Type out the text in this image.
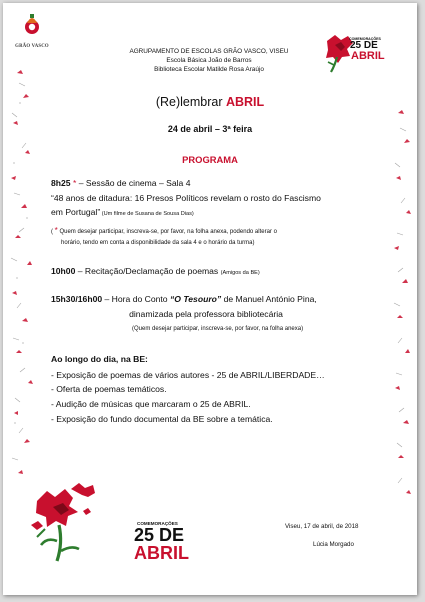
GRÃO VASCO
AGRUPAMENTO DE ESCOLAS GRÃO VASCO, VISEU
Escola Básica João de Barros
Biblioteca Escolar Matilde Rosa Araújo
COMEMORAÇÕES
25 DE
ABRIL
(Re)lembrar ABRIL
24 de abril – 3ª feira
PROGRAMA
8h25 * – Sessão de cinema – Sala 4
“48 anos de ditadura: 16 Presos Políticos revelam o rosto do Fascismo
em Portugal” (Um filme de Susana de Sousa Dias)
( * Quem desejar participar, inscreva-se, por favor, na folha anexa, podendo alterar o
horário, tendo em conta a disponibilidade da sala 4 e o horário da turma)
10h00 – Recitação/Declamação de poemas (Amigos da BE)
15h30/16h00 – Hora do Conto “O Tesouro” de Manuel António Pina,
dinamizada pela professora bibliotecária
(Quem desejar participar, inscreva-se, por favor, na folha anexa)
Ao longo do dia, na BE:
- Exposição de poemas de vários autores - 25 de ABRIL/LIBERDADE…
- Oferta de poemas temáticos.
- Audição de músicas que marcaram o 25 de ABRIL.
- Exposição do fundo documental da BE sobre a temática.
COMEMORAÇÕES
25 DE
ABRIL
Viseu, 17 de abril, de 2018
Lúcia Morgado
